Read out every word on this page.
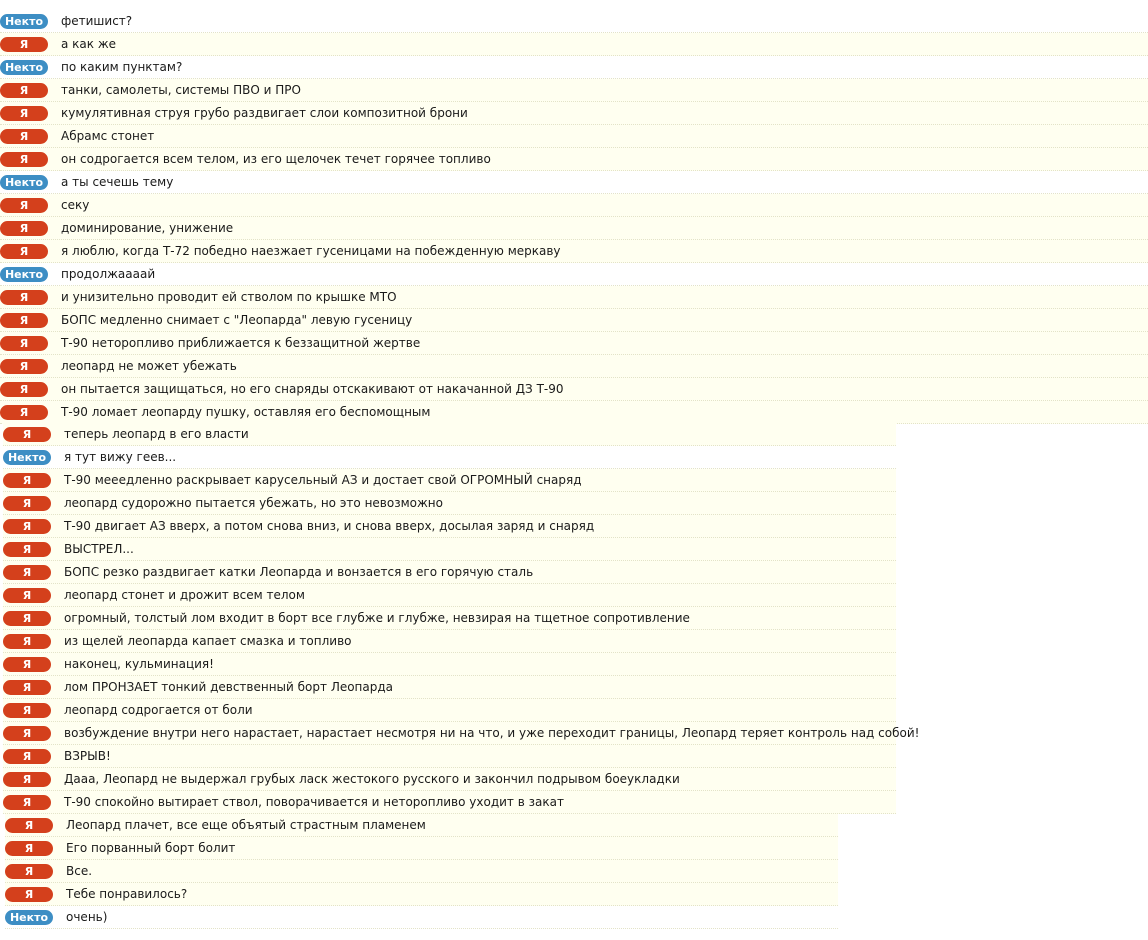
Некто	фетишист?
Я	а как же
Некто	по каким пунктам?
Я	танки, самолеты, системы ПВО и ПРО
Я	кумулятивная струя грубо раздвигает слои композитной брони
Я	Абрамс стонет
Я	он содрогается всем телом, из его щелочек течет горячее топливо
Некто	а ты сечешь тему
Я	секу
Я	доминирование, унижение
Я	я люблю, когда Т-72 победно наезжает гусеницами на побежденную меркаву
Некто	продолжаааай
Я	и унизительно проводит ей стволом по крышке МТО
Я	БОПС медленно снимает с "Леопарда" левую гусеницу
Я	Т-90 неторопливо приближается к беззащитной жертве
Я	леопард не может убежать
Я	он пытается защищаться, но его снаряды отскакивают от накачанной ДЗ Т-90
Я	Т-90 ломает леопарду пушку, оставляя его беспомощным
Я	теперь леопард в его власти
Некто	я тут вижу геев...
Я	Т-90 мееедленно раскрывает карусельный АЗ и достает свой ОГРОМНЫЙ снаряд
Я	леопард судорожно пытается убежать, но это невозможно
Я	Т-90 двигает АЗ вверх, а потом снова вниз, и снова вверх, досылая заряд и снаряд
Я	ВЫСТРЕЛ...
Я	БОПС резко раздвигает катки Леопарда и вонзается в его горячую сталь
Я	леопард стонет и дрожит всем телом
Я	огромный, толстый лом входит в борт все глубже и глубже, невзирая на тщетное сопротивление
Я	из щелей леопарда капает смазка и топливо
Я	наконец, кульминация!
Я	лом ПРОНЗАЕТ тонкий девственный борт Леопарда
Я	леопард содрогается от боли
Я	возбуждение внутри него нарастает, нарастает несмотря ни на что, и уже переходит границы, Леопард теряет контроль над собой!
Я	ВЗРЫВ!
Я	Дааа, Леопард не выдержал грубых ласк жестокого русского и закончил подрывом боеукладки
Я	Т-90 спокойно вытирает ствол, поворачивается и неторопливо уходит в закат
Я	Леопард плачет, все еще объятый страстным пламенем
Я	Его порванный борт болит
Я	Все.
Я	Тебе понравилось?
Некто	очень)
